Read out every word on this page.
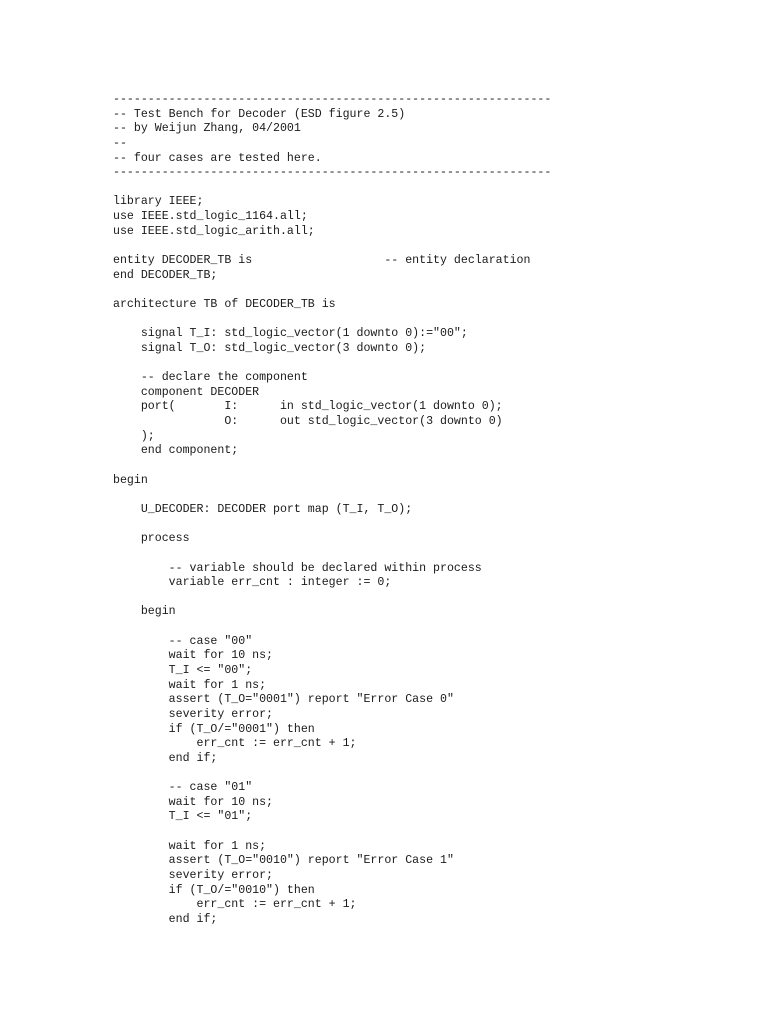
---------------------------------------------------------------
-- Test Bench for Decoder (ESD figure 2.5)
-- by Weijun Zhang, 04/2001
--
-- four cases are tested here.
---------------------------------------------------------------
library IEEE;
use IEEE.std_logic_1164.all;
use IEEE.std_logic_arith.all;
entity DECODER_TB is                   -- entity declaration
end DECODER_TB;
architecture TB of DECODER_TB is
signal T_I: std_logic_vector(1 downto 0):="00";
signal T_O: std_logic_vector(3 downto 0);
-- declare the component
component DECODER
port(       I:      in std_logic_vector(1 downto 0);
O:      out std_logic_vector(3 downto 0)
);
end component;
begin
U_DECODER: DECODER port map (T_I, T_O);
process
-- variable should be declared within process
variable err_cnt : integer := 0;
begin
-- case "00"
wait for 10 ns;
T_I <= "00";
wait for 1 ns;
assert (T_O="0001") report "Error Case 0"
severity error;
if (T_O/="0001") then
err_cnt := err_cnt + 1;
end if;
-- case "01"
wait for 10 ns;
T_I <= "01";
wait for 1 ns;
assert (T_O="0010") report "Error Case 1"
severity error;
if (T_O/="0010") then
err_cnt := err_cnt + 1;
end if;
